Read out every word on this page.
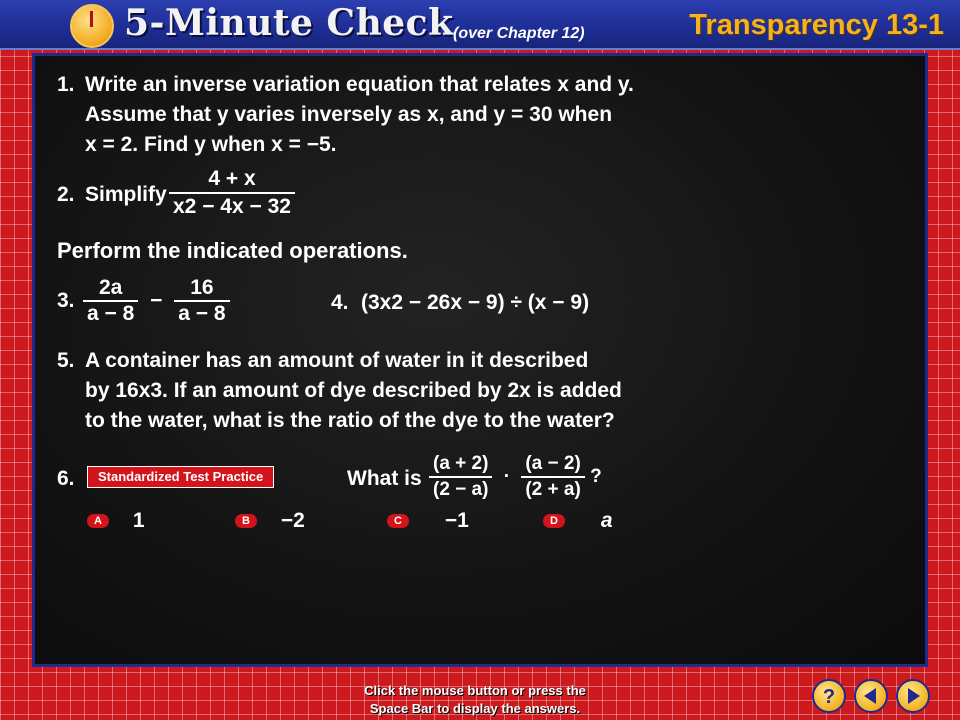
5-Minute Check (over Chapter 12)	Transparency 13-1
1. Write an inverse variation equation that relates x and y.
Assume that y varies inversely as x, and y = 30 when
x = 2. Find y when x = −5.
2. Simplify $\frac{4 + x}{x2 - 4x - 32}$
Perform the indicated operations.
3. $\frac{2a}{a - 8} - \frac{16}{a - 8}$	4. (3x2 − 26x − 9) ÷ (x − 9)
5. A container has an amount of water in it described
by 16x3. If an amount of dye described by 2x is added
to the water, what is the ratio of the dye to the water?
6.	Standardized Test Practice	What is $\frac{(a + 2)}{(2 - a)} \cdot \frac{(a - 2)}{(2 + a)}$ ?
A 1	B −2	C −1	D a
Click the mouse button or press the
Space Bar to display the answers.
?
